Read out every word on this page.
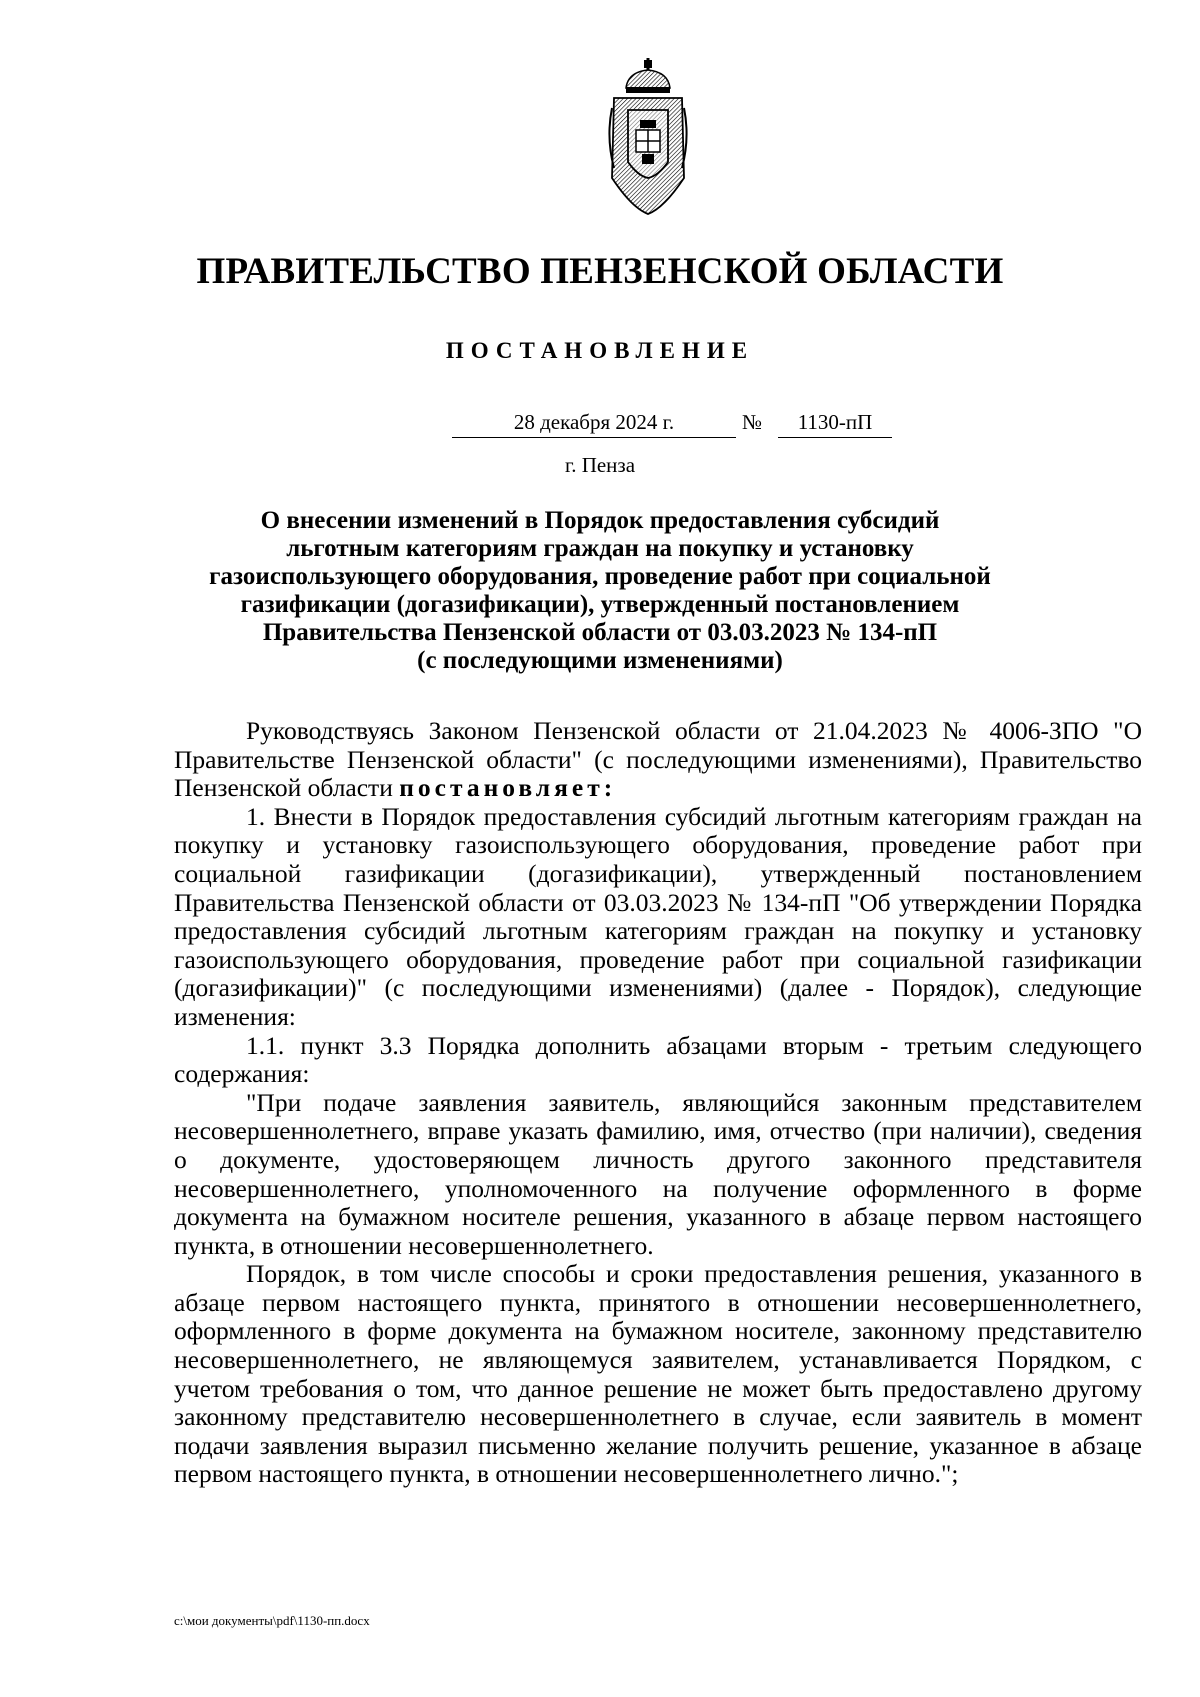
ПРАВИТЕЛЬСТВО ПЕНЗЕНСКОЙ ОБЛАСТИ
ПОСТАНОВЛЕНИЕ
28 декабря 2024 г.	№	1130-пП
г. Пенза
О внесении изменений в Порядок предоставления субсидий
льготным категориям граждан на покупку и установку
газоиспользующего оборудования, проведение работ при социальной
газификации (догазификации), утвержденный постановлением
Правительства Пензенской области от 03.03.2023 № 134-пП
(с последующими изменениями)

Руководствуясь Законом Пензенской области от 21.04.2023 № 4006-ЗПО "О Правительстве Пензенской области" (с последующими изменениями), Правительство Пензенской области постановляет:

1. Внести в Порядок предоставления субсидий льготным категориям граждан на покупку и установку газоиспользующего оборудования, проведение работ при социальной газификации (догазификации), утвержденный постановлением Правительства Пензенской области от 03.03.2023 № 134-пП "Об утверждении Порядка предоставления субсидий льготным категориям граждан на покупку и установку газоиспользующего оборудования, проведение работ при социальной газификации (догазификации)" (с последующими изменениями) (далее - Порядок), следующие изменения:

1.1. пункт 3.3 Порядка дополнить абзацами вторым - третьим следующего содержания:

"При подаче заявления заявитель, являющийся законным представителем несовершеннолетнего, вправе указать фамилию, имя, отчество (при наличии), сведения о документе, удостоверяющем личность другого законного представителя несовершеннолетнего, уполномоченного на получение оформленного в форме документа на бумажном носителе решения, указанного в абзаце первом настоящего пункта, в отношении несовершеннолетнего.

Порядок, в том числе способы и сроки предоставления решения, указанного в абзаце первом настоящего пункта, принятого в отношении несовершеннолетнего, оформленного в форме документа на бумажном носителе, законному представителю несовершеннолетнего, не являющемуся заявителем, устанавливается Порядком, с учетом требования о том, что данное решение не может быть предоставлено другому законному представителю несовершеннолетнего в случае, если заявитель в момент подачи заявления выразил письменно желание получить решение, указанное в абзаце первом настоящего пункта, в отношении несовершеннолетнего лично.";

c:\мои документы\pdf\1130-пп.docx
